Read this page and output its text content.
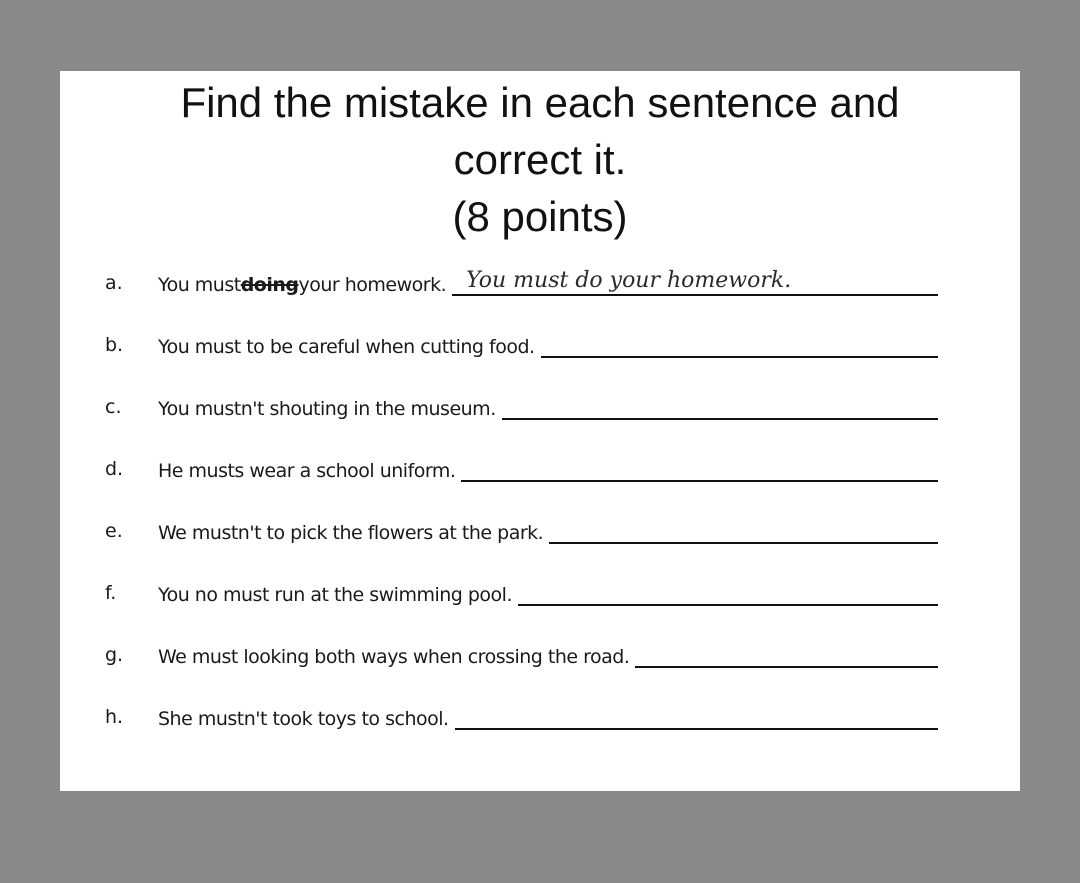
Find the mistake in each sentence and
correct it.
(8 points)
a. You must doing your homework. You must do your homework.
b. You must to be careful when cutting food.
c. You mustn't shouting in the museum.
d. He musts wear a school uniform.
e. We mustn't to pick the flowers at the park.
f. You no must run at the swimming pool.
g. We must looking both ways when crossing the road.
h. She mustn't took toys to school.
